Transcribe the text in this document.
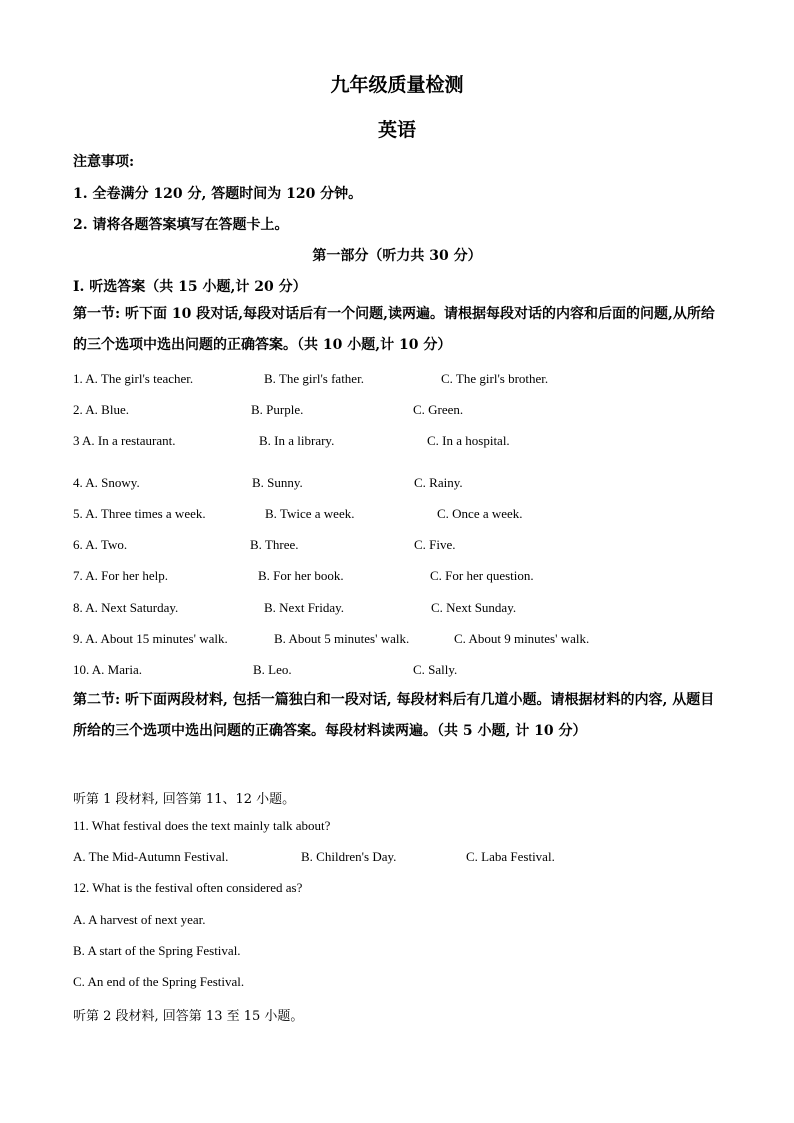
九年级质量检测
英语
注意事项:
1. 全卷满分 120 分, 答题时间为 120 分钟。
2. 请将各题答案填写在答题卡上。
第一部分（听力共 30 分）
I. 听选答案（共 15 小题,计 20 分）
第一节: 听下面 10 段对话,每段对话后有一个问题,读两遍。请根据每段对话的内容和后面的问题,从所给的三个选项中选出问题的正确答案。（共 10 小题,计 10 分）
1. A. The girl's teacher.	B. The girl's father.	C. The girl's brother.
2. A. Blue.	B. Purple.	C. Green.
3 A. In a restaurant.	B. In a library.	C. In a hospital.
4. A. Snowy.	B. Sunny.	C. Rainy.
5. A. Three times a week.	B. Twice a week.	C. Once a week.
6. A. Two.	B. Three.	C. Five.
7. A. For her help.	B. For her book.	C. For her question.
8. A. Next Saturday.	B. Next Friday.	C. Next Sunday.
9. A. About 15 minutes' walk.	B. About 5 minutes' walk.	C. About 9 minutes' walk.
10. A. Maria.	B. Leo.	C. Sally.
第二节: 听下面两段材料, 包括一篇独白和一段对话, 每段材料后有几道小题。请根据材料的内容, 从题目所给的三个选项中选出问题的正确答案。每段材料读两遍。（共 5 小题, 计 10 分）
听第 1 段材料, 回答第 11、12 小题。
11. What festival does the text mainly talk about?
A. The Mid-Autumn Festival.	B. Children's Day.	C. Laba Festival.
12. What is the festival often considered as?
A. A harvest of next year.
B. A start of the Spring Festival.
C. An end of the Spring Festival.
听第 2 段材料, 回答第 13 至 15 小题。
